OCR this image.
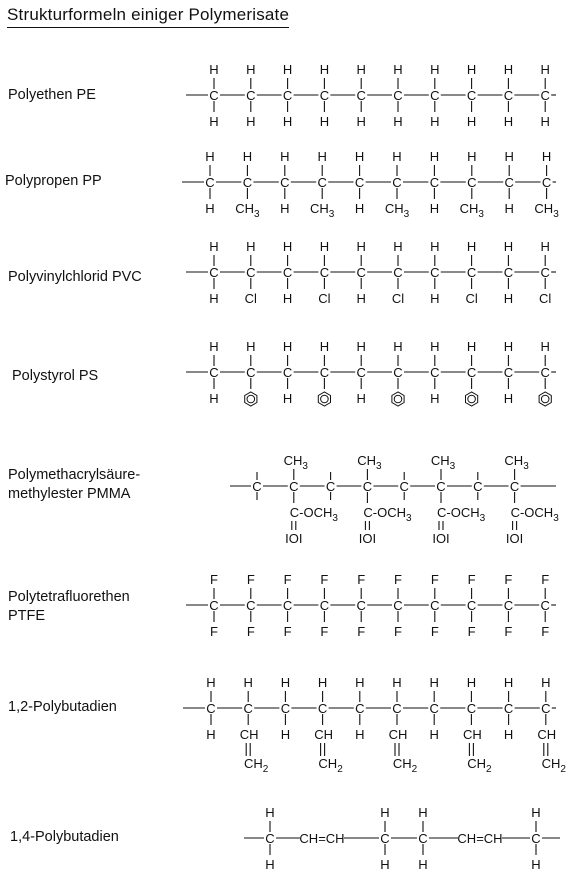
Strukturformeln einiger Polymerisate
Polyethen PE	C
H
H
C
H
H
C
H
H
C
H
H
C
H
H
C
H
H
C
H
H
C
H
H
C
H
H
C
H
H
Polypropen PP	C
H
H
C
H
$CH_3$
C
H
H
C
H
$CH_3$
C
H
H
C
H
$CH_3$
C
H
H
C
H
$CH_3$
C
H
H
C
H
$CH_3$
Polyvinylchlorid PVC	C
H
H
C
H
Cl
C
H
H
C
H
Cl
C
H
H
C
H
Cl
C
H
H
C
H
Cl
C
H
H
C
H
Cl
Polystyrol PS	C
H
H
C
H
C
H
H
C
H
C
H
H
C
H
C
H
H
C
H
C
H
H
C
H
Polymethacrylsäure-
methylester PMMA	C C
$CH_3$
$C-OCH_3$
IOI
C C
$CH_3$
$C-OCH_3$
IOI
C C
$CH_3$
$C-OCH_3$
IOI
C C
$CH_3$
$C-OCH_3$
IOI
Polytetrafluorethen
PTFE
C
F
F
C
F
F
C
F
F
C
F
F
C
F
F
C
F
F
C
F
F
C
F
F
C
F
F
C
F
F
1,2-Polybutadien	C
H
H
C
H
CH
$CH_2$
C
H
H
C
H
CH
$CH_2$
C
H
H
C
H
CH
$CH_2$
C
H
H
C
H
CH
$CH_2$
C
H
H
C
H
CH
$CH_2$
1,4-Polybutadien	C
H
H
CH=CH	C
H
H
C
H
H
CH=CH C
H
H
